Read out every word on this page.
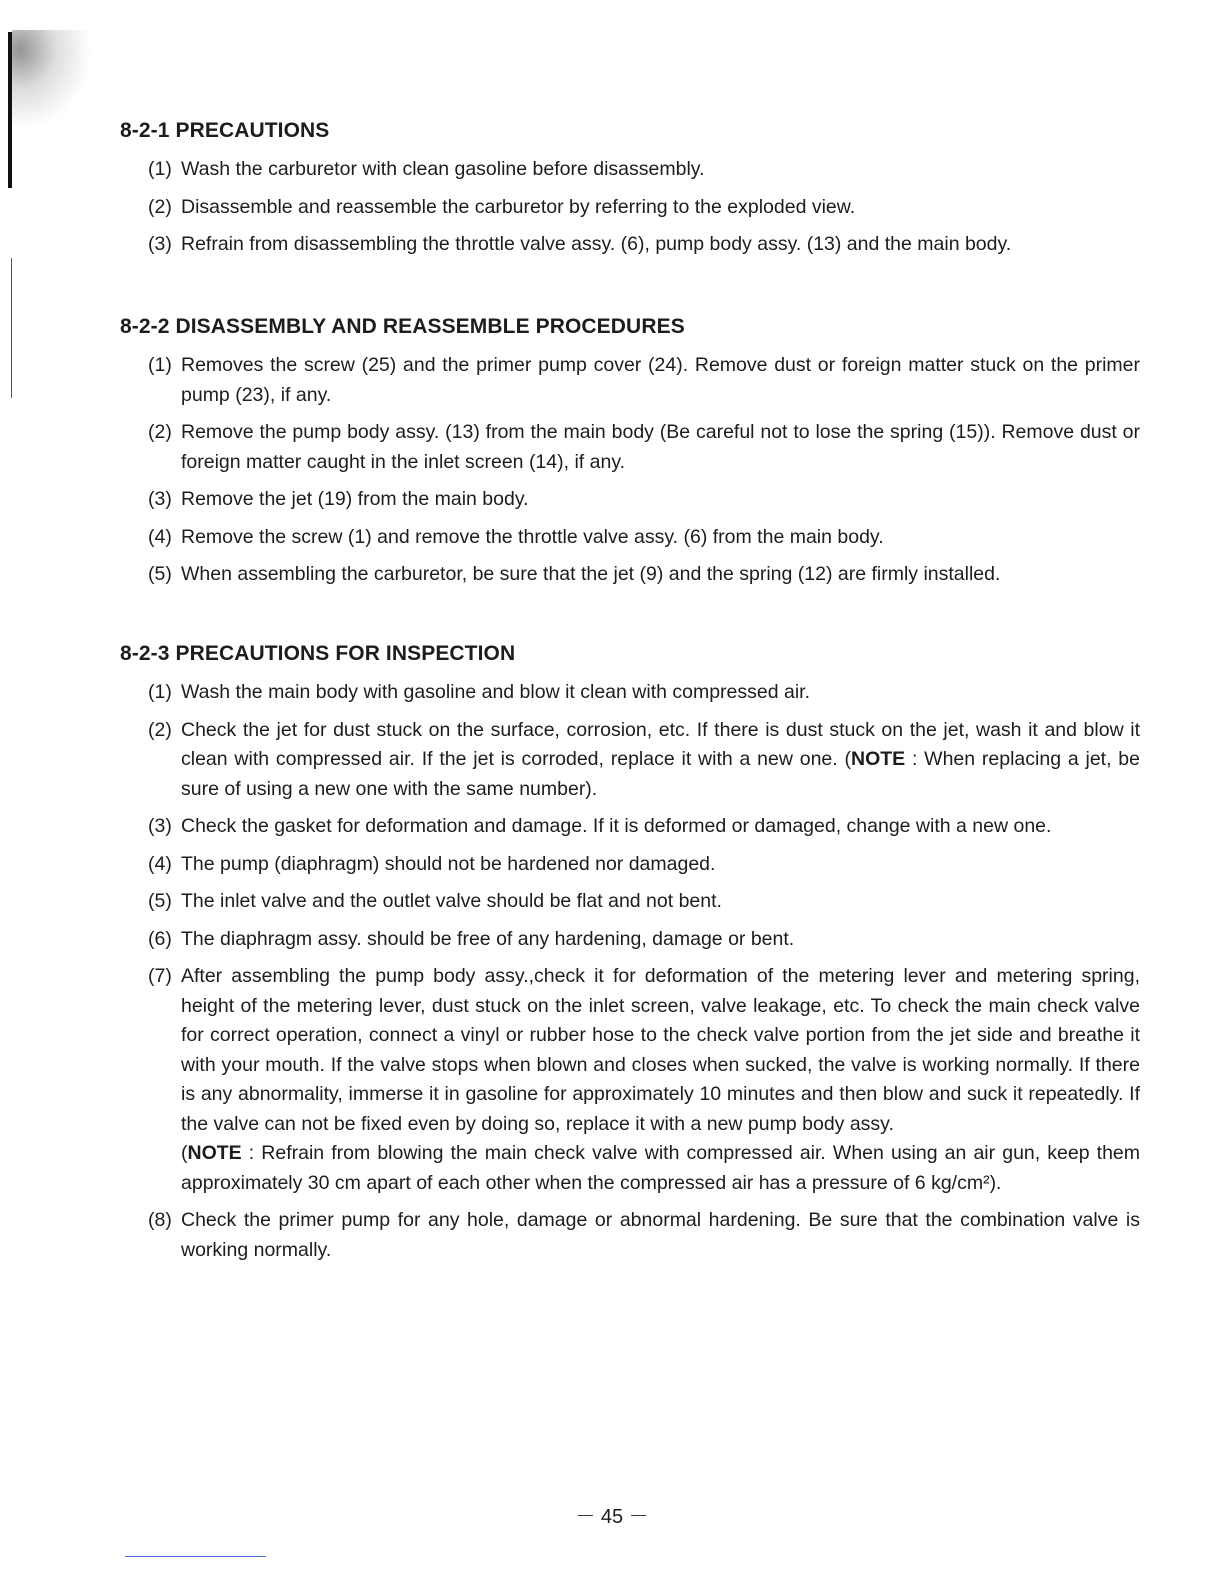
8-2-1 PRECAUTIONS
(1) Wash the carburetor with clean gasoline before disassembly.
(2) Disassemble and reassemble the carburetor by referring to the exploded view.
(3) Refrain from disassembling the throttle valve assy. (6), pump body assy. (13) and the main body.
8-2-2 DISASSEMBLY AND REASSEMBLE PROCEDURES
(1) Removes the screw (25) and the primer pump cover (24). Remove dust or foreign matter stuck on the primer pump (23), if any.
(2) Remove the pump body assy. (13) from the main body (Be careful not to lose the spring (15)). Remove dust or foreign matter caught in the inlet screen (14), if any.
(3) Remove the jet (19) from the main body.
(4) Remove the screw (1) and remove the throttle valve assy. (6) from the main body.
(5) When assembling the carburetor, be sure that the jet (9) and the spring (12) are firmly installed.
8-2-3 PRECAUTIONS FOR INSPECTION
(1) Wash the main body with gasoline and blow it clean with compressed air.
(2) Check the jet for dust stuck on the surface, corrosion, etc. If there is dust stuck on the jet, wash it and blow it clean with compressed air. If the jet is corroded, replace it with a new one. (NOTE : When replacing a jet, be sure of using a new one with the same number).
(3) Check the gasket for deformation and damage. If it is deformed or damaged, change with a new one.
(4) The pump (diaphragm) should not be hardened nor damaged.
(5) The inlet valve and the outlet valve should be flat and not bent.
(6) The diaphragm assy. should be free of any hardening, damage or bent.
(7) After assembling the pump body assy.,check it for deformation of the metering lever and metering spring, height of the metering lever, dust stuck on the inlet screen, valve leakage, etc. To check the main check valve for correct operation, connect a vinyl or rubber hose to the check valve portion from the jet side and breathe it with your mouth. If the valve stops when blown and closes when sucked, the valve is working normally. If there is any abnormality, immerse it in gasoline for approximately 10 minutes and then blow and suck it repeatedly. If the valve can not be fixed even by doing so, replace it with a new pump body assy.
(NOTE : Refrain from blowing the main check valve with compressed air. When using an air gun, keep them approximately 30 cm apart of each other when the compressed air has a pressure of 6 kg/cm²).
(8) Check the primer pump for any hole, damage or abnormal hardening. Be sure that the combination valve is working normally.
－ 45 －
